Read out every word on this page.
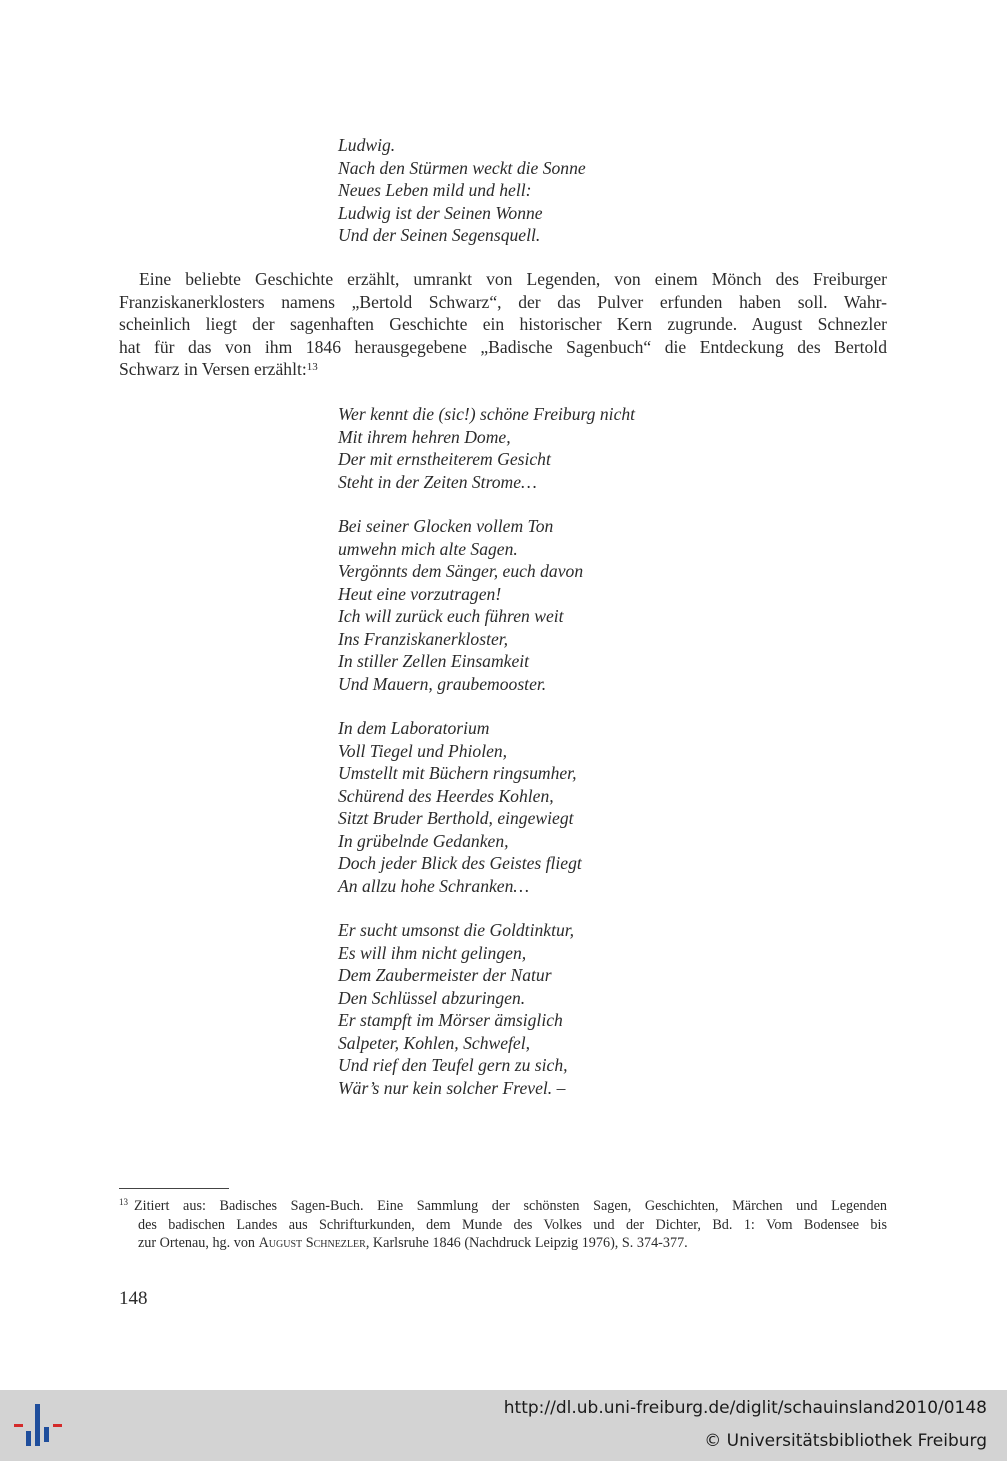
Ludwig.
Nach den Stürmen weckt die Sonne
Neues Leben mild und hell:
Ludwig ist der Seinen Wonne
Und der Seinen Segensquell.
Eine beliebte Geschichte erzählt, umrankt von Legenden, von einem Mönch des Freiburger
Franziskanerklosters namens „Bertold Schwarz“, der das Pulver erfunden haben soll. Wahr-
scheinlich liegt der sagenhaften Geschichte ein historischer Kern zugrunde. August Schnezler
hat für das von ihm 1846 herausgegebene „Badische Sagenbuch“ die Entdeckung des Bertold
Schwarz in Versen erzählt:$^{13}$
Wer kennt die (sic!) schöne Freiburg nicht
Mit ihrem hehren Dome,
Der mit ernstheiterem Gesicht
Steht in der Zeiten Strome…
Bei seiner Glocken vollem Ton
umwehn mich alte Sagen.
Vergönnts dem Sänger, euch davon
Heut eine vorzutragen!
Ich will zurück euch führen weit
Ins Franziskanerkloster,
In stiller Zellen Einsamkeit
Und Mauern, graubemooster.
In dem Laboratorium
Voll Tiegel und Phiolen,
Umstellt mit Büchern ringsumher,
Schürend des Heerdes Kohlen,
Sitzt Bruder Berthold, eingewiegt
In grübelnde Gedanken,
Doch jeder Blick des Geistes fliegt
An allzu hohe Schranken…
Er sucht umsonst die Goldtinktur,
Es will ihm nicht gelingen,
Dem Zaubermeister der Natur
Den Schlüssel abzuringen.
Er stampft im Mörser ämsiglich
Salpeter, Kohlen, Schwefel,
Und rief den Teufel gern zu sich,
Wär’s nur kein solcher Frevel. –
$^{13}$ Zitiert aus: Badisches Sagen-Buch. Eine Sammlung der schönsten Sagen, Geschichten, Märchen und Legenden
des badischen Landes aus Schrifturkunden, dem Munde des Volkes und der Dichter, Bd. 1: Vom Bodensee bis
zur Ortenau, hg. von August Schnezler, Karlsruhe 1846 (Nachdruck Leipzig 1976), S. 374-377.
148
http://dl.ub.uni-freiburg.de/diglit/schauinsland2010/0148
© Universitätsbibliothek Freiburg
